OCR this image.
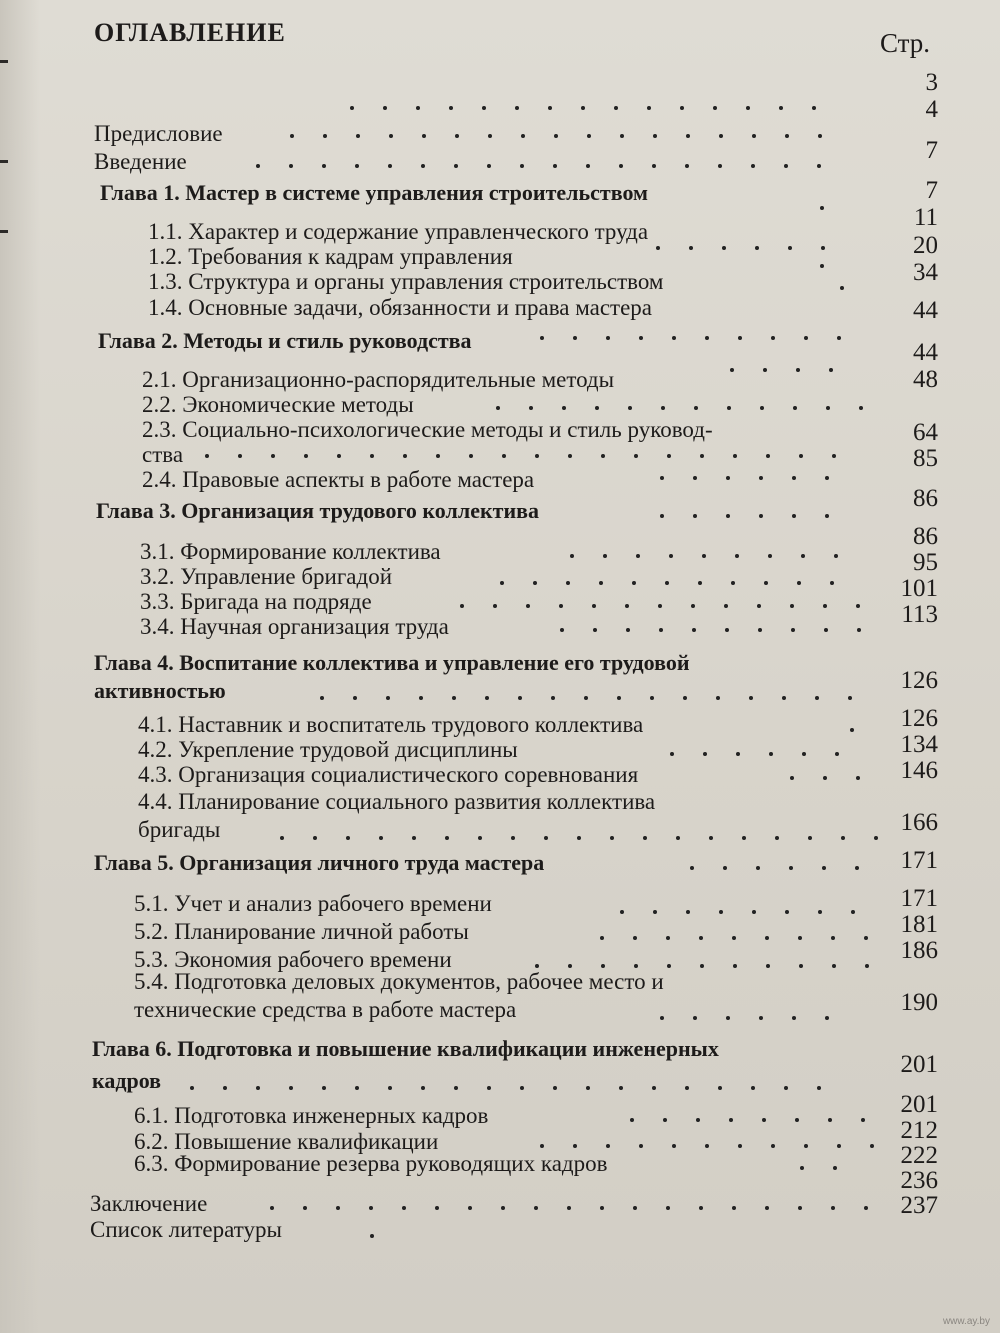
ОГЛАВЛЕНИЕ	Стр.
Предисловие
Введение
Глава 1. Мастер в системе управления строительством
1.1. Характер и содержание управленческого труда
1.2. Требования к кадрам управления
1.3. Структура и органы управления строительством
1.4. Основные задачи, обязанности и права мастера
Глава 2. Методы и стиль руководства
2.1. Организационно-распорядительные методы
2.2. Экономические методы
2.3. Социально-психологические методы и стиль руковод-
ства
2.4. Правовые аспекты в работе мастера
Глава 3. Организация трудового коллектива
3.1. Формирование коллектива
3.2. Управление бригадой
3.3. Бригада на подряде
3.4. Научная организация труда
Глава 4. Воспитание коллектива и управление его трудовой
активностью
4.1. Наставник и воспитатель трудового коллектива
4.2. Укрепление трудовой дисциплины
4.3. Организация социалистического соревнования
4.4. Планирование социального развития коллектива
бригады
Глава 5. Организация личного труда мастера
5.1. Учет и анализ рабочего времени
5.2. Планирование личной работы
5.3. Экономия рабочего времени
5.4. Подготовка деловых документов, рабочее место и
технические средства в работе мастера
Глава 6. Подготовка и повышение квалификации инженерных
кадров
6.1. Подготовка инженерных кадров
6.2. Повышение квалификации
6.3. Формирование резерва руководящих кадров
Заключение
Список литературы
3
4
7
7
11
20
34
44
44
48
64
85
86
86
95
101
113
126
126
134
146
166
171
171
181
186
190
201
201
212
222
236
237
www.ay.by
